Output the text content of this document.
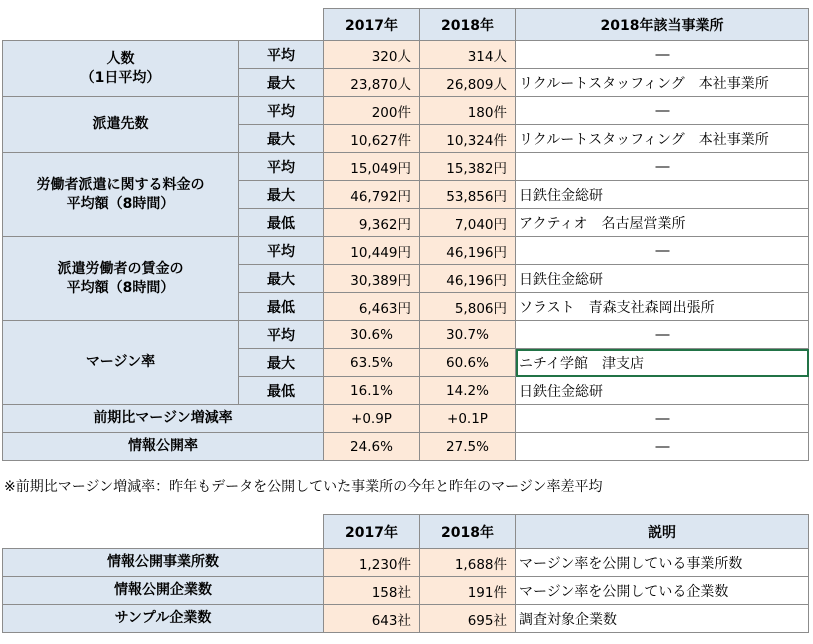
		2017年	2018年	2018年該当事業所

人数
（1日平均）	平均	320人	314人	―
	最大	23,870人	26,809人	リクルートスタッフィング　本社事業所

派遣先数	平均	200件	180件	―
	最大	10,627件	10,324件	リクルートスタッフィング　本社事業所

労働者派遣に関する料金の
平均額（8時間）	平均	15,049円	15,382円	―
	最大	46,792円	53,856円	日鉄住金総研
	最低	9,362円	7,040円	アクティオ　名古屋営業所

派遣労働者の賃金の
平均額（8時間）	平均	10,449円	46,196円	―
	最大	30,389円	46,196円	日鉄住金総研
	最低	6,463円	5,806円	ソラスト　青森支社森岡出張所

マージン率	平均	30.6%	30.7%	―
	最大	63.5%	60.6%	ニチイ学館　津支店
	最低	16.1%	14.2%	日鉄住金総研
前期比マージン増減率		+0.9P	+0.1P	―
情報公開率		24.6%	27.5%	―
※前期比マージン増減率：昨年もデータを公開していた事業所の今年と昨年のマージン率差平均
	2017年	2018年	説明
情報公開事業所数	1,230件	1,688件	マージン率を公開している事業所数
情報公開企業数	158社	191件	マージン率を公開している企業数
サンプル企業数	643社	695社	調査対象企業数
